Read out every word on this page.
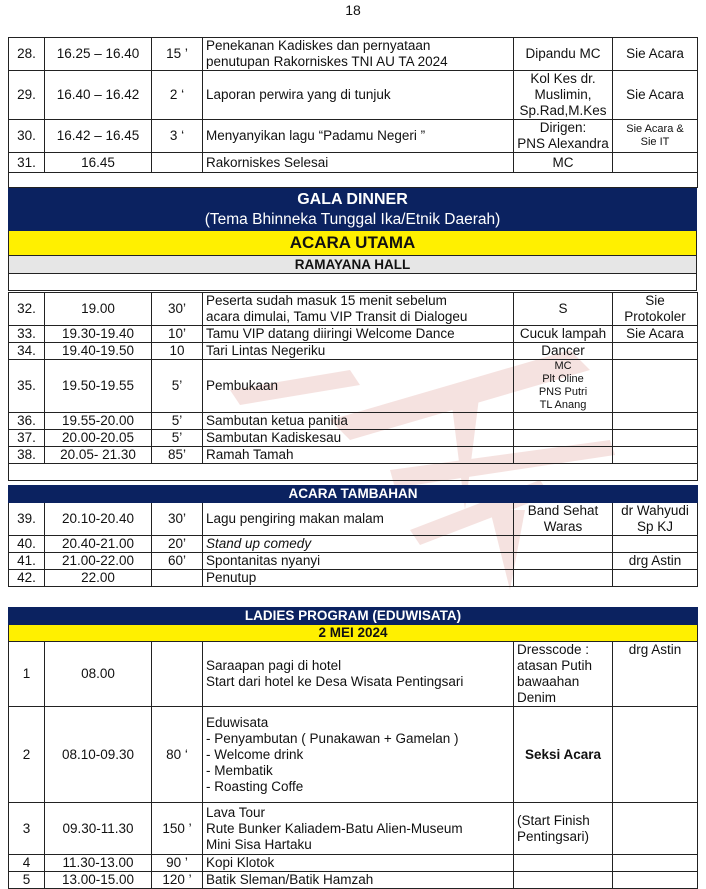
18
28.	16.25 – 16.40	15 ’	Penekanan Kadiskes dan pernyataan
penutupan Rakorniskes TNI AU TA 2024	Dipandu MC	Sie Acara
29.	16.40 – 16.42	2 ‘	Laporan perwira yang di tunjuk	Kol Kes dr.
Muslimin,
Sp.Rad,M.Kes	Sie Acara
30.	16.42 – 16.45	3 ‘	Menyanyikan lagu “Padamu Negeri ”	Dirigen:
PNS Alexandra	Sie Acara &
Sie IT
31.	16.45		Rakorniskes Selesai	MC	

GALA DINNER
(Tema Bhinneka Tunggal Ika/Etnik Daerah)

ACARA UTAMA
RAMAYANA HALL

32.	19.00	30’	Peserta sudah masuk 15 menit sebelum
acara dimulai, Tamu VIP Transit di Dialogeu	S	Sie
Protokoler
33.	19.30-19.40	10’	Tamu VIP datang diiringi Welcome Dance	Cucuk lampah	Sie Acara
34.	19.40-19.50	10	Tari Lintas Negeriku	Dancer	
35.	19.50-19.55	5’	Pembukaan	MC
Plt Oline
PNS Putri
TL Anang	
36.	19.55-20.00	5’	Sambutan ketua panitia		
37.	20.00-20.05	5’	Sambutan Kadiskesau		
38.	20.05- 21.30	85’	Ramah Tamah		

ACARA TAMBAHAN					
39.	20.10-20.40	30’	Lagu pengiring makan malam	Band Sehat
Waras	dr Wahyudi
Sp KJ
40.	20.40-21.00	20’	Stand up comedy		
41.	21.00-22.00	60’	Spontanitas nyanyi		drg Astin
42.	22.00		Penutup		
LADIES PROGRAM (EDUWISATA)					
2 MEI 2024					
1	08.00		Saraapan pagi di hotel
Start dari hotel ke Desa Wisata Pentingsari	Dresscode :
atasan Putih
bawaahan
Denim	drg Astin
2	08.10-09.30	80 ‘	Eduwisata
- Penyambutan ( Punakawan + Gamelan )
- Welcome drink
- Membatik
- Roasting Coffe	Seksi Acara	
3	09.30-11.30	150 ’	Lava Tour
Rute Bunker Kaliadem-Batu Alien-Museum
Mini Sisa Hartaku	(Start Finish
Pentingsari)	
4	11.30-13.00	90 ’	Kopi Klotok		
5	13.00-15.00	120 ’	Batik Sleman/Batik Hamzah		
